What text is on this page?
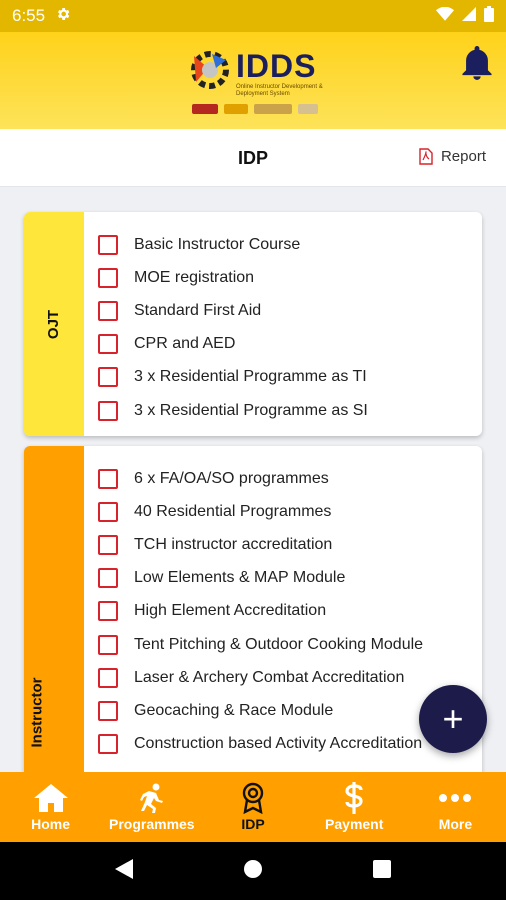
6:55
IDDS
Online Instructor Development & Deployment System
IDP	Report
OJT
Basic Instructor Course
MOE registration
Standard First Aid
CPR and AED
3 x Residential Programme as TI
3 x Residential Programme as SI
Instructor
6 x FA/OA/SO programmes
40 Residential Programmes
TCH instructor accreditation
Low Elements & MAP Module
High Element Accreditation
Tent Pitching & Outdoor Cooking Module
Laser & Archery Combat Accreditation
Geocaching & Race Module
Construction based Activity Accreditation
+
Home	Programmes	IDP	Payment	More
